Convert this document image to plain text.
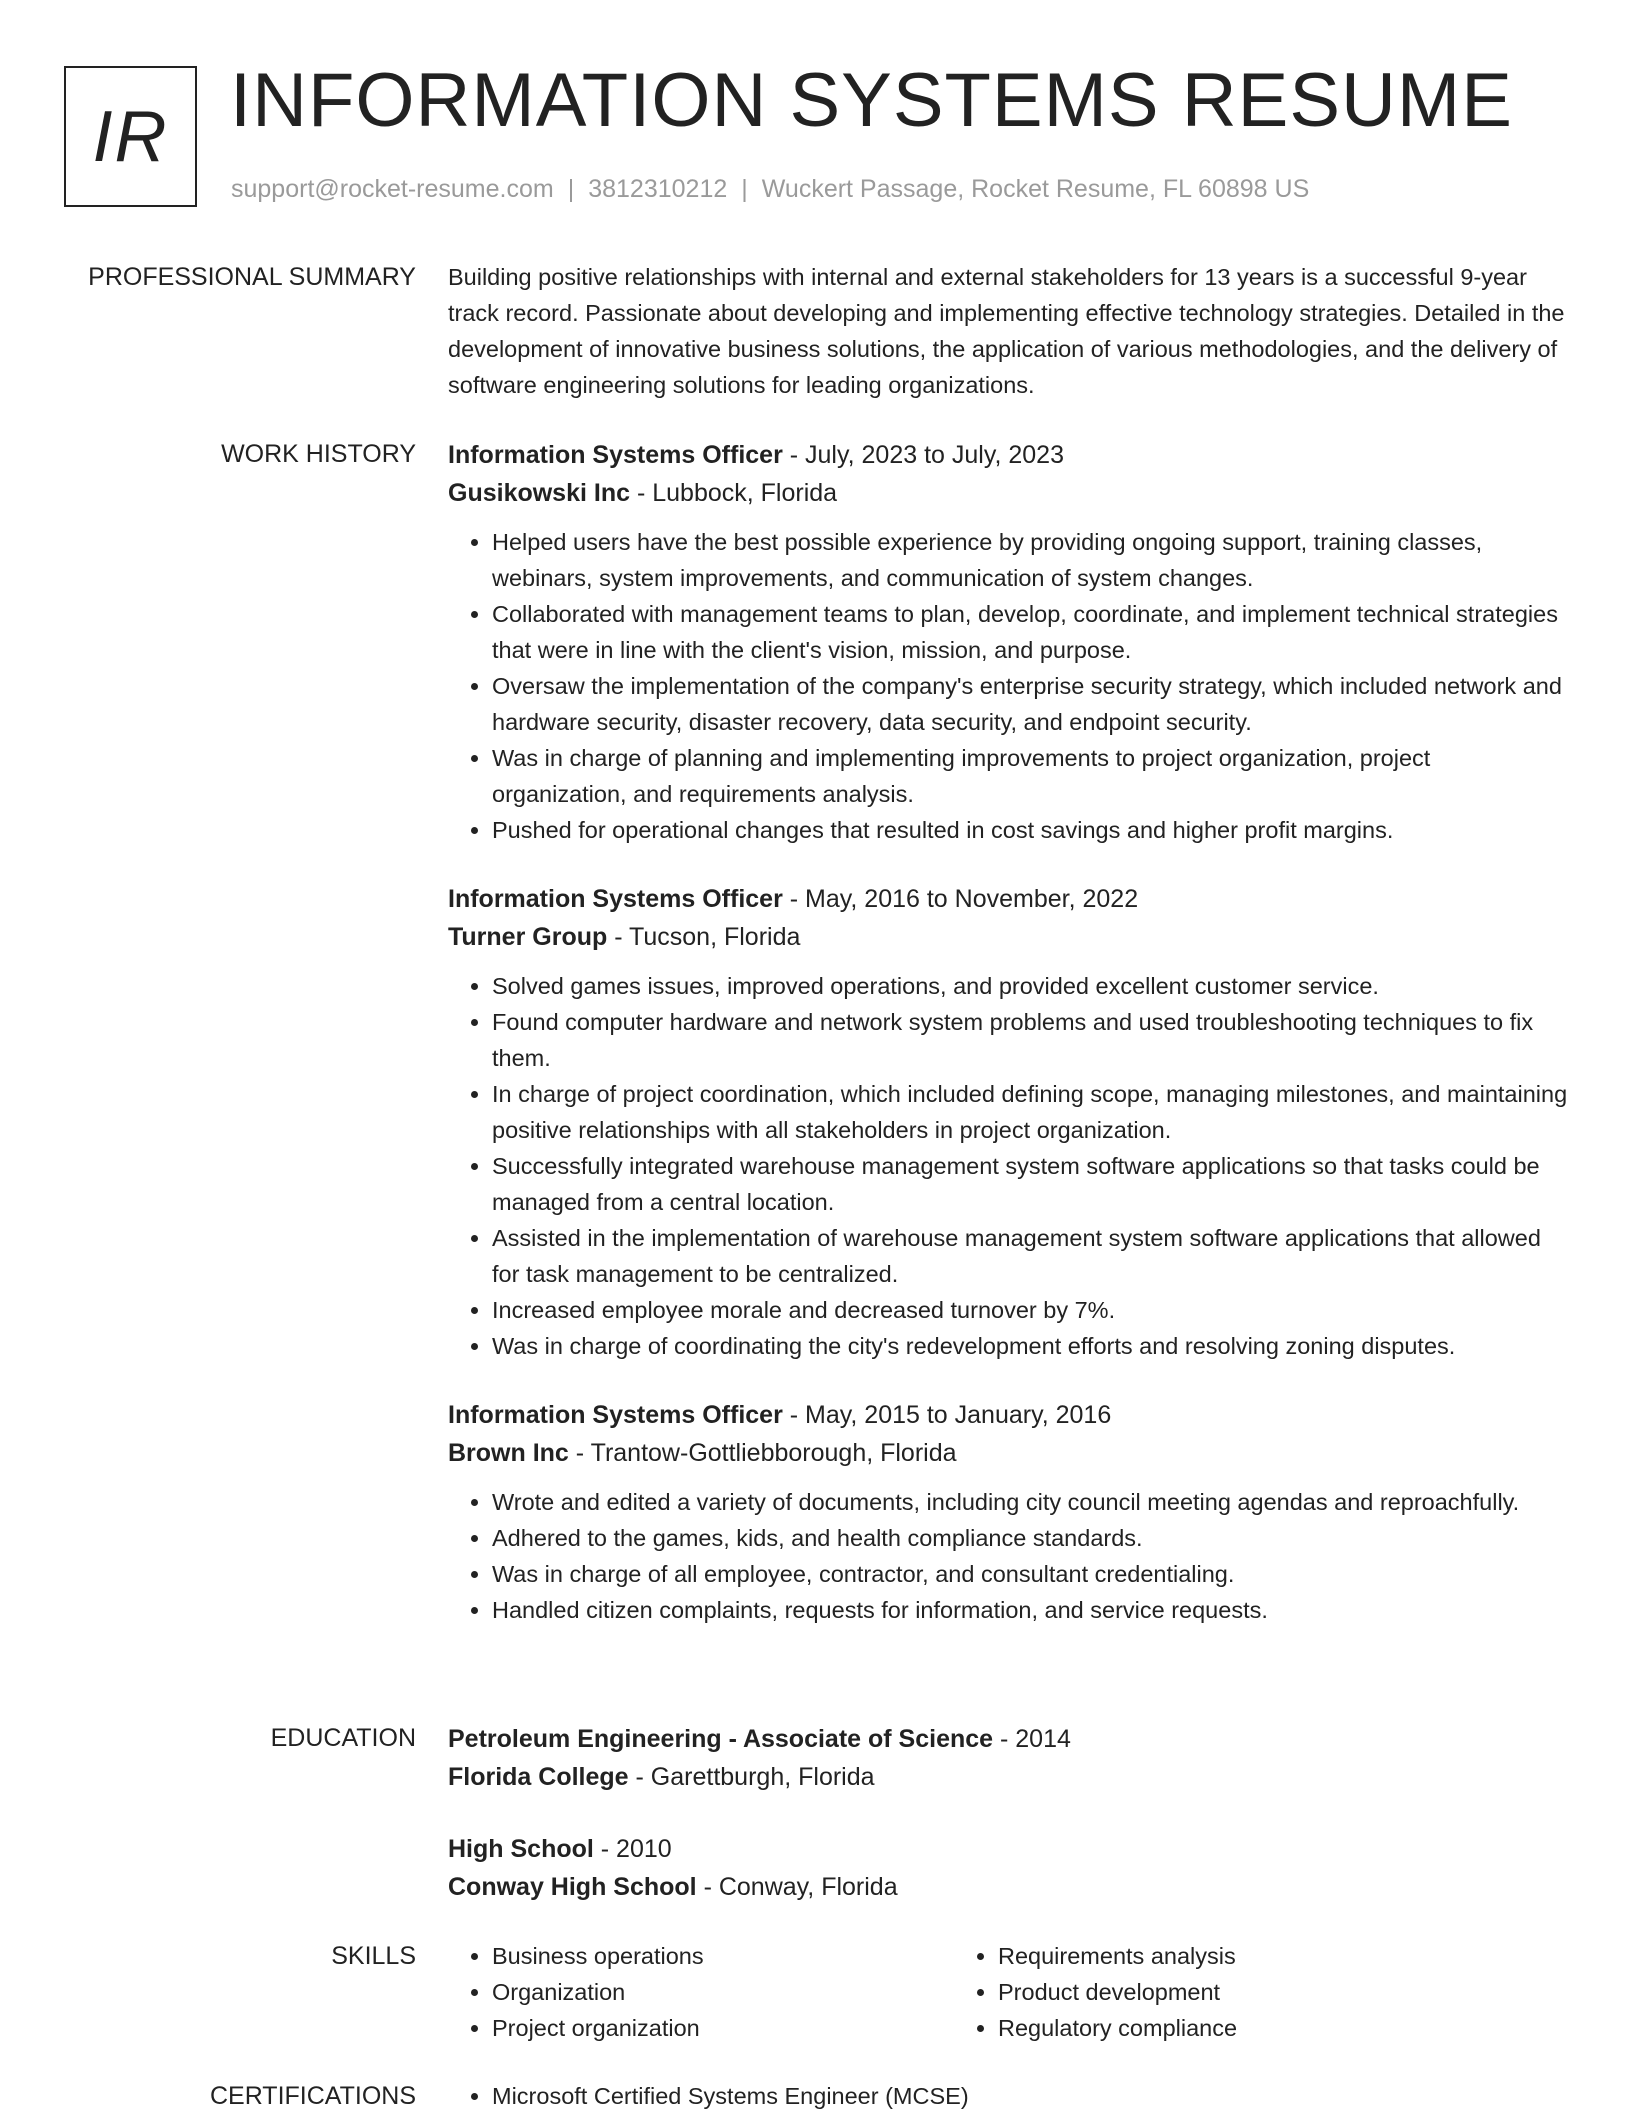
IR INFORMATION SYSTEMS RESUME
support@rocket-resume.com | 3812310212 | Wuckert Passage, Rocket Resume, FL 60898 US
PROFESSIONAL SUMMARY Building positive relationships with internal and external stakeholders for 13 years is a successful 9-year track record. Passionate about developing and implementing effective technology strategies. Detailed in the development of innovative business solutions, the application of various methodologies, and the delivery of software engineering solutions for leading organizations.

WORK HISTORY Information Systems Officer - July, 2023 to July, 2023
Gusikowski Inc - Lubbock, Florida
• Helped users have the best possible experience by providing ongoing support, training classes, webinars, system improvements, and communication of system changes.
• Collaborated with management teams to plan, develop, coordinate, and implement technical strategies that were in line with the client's vision, mission, and purpose.
• Oversaw the implementation of the company's enterprise security strategy, which included network and hardware security, disaster recovery, data security, and endpoint security.
• Was in charge of planning and implementing improvements to project organization, project organization, and requirements analysis.
• Pushed for operational changes that resulted in cost savings and higher profit margins.
Information Systems Officer - May, 2016 to November, 2022
Turner Group - Tucson, Florida
• Solved games issues, improved operations, and provided excellent customer service.
• Found computer hardware and network system problems and used troubleshooting techniques to fix them.
• In charge of project coordination, which included defining scope, managing milestones, and maintaining positive relationships with all stakeholders in project organization.
• Successfully integrated warehouse management system software applications so that tasks could be managed from a central location.
• Assisted in the implementation of warehouse management system software applications that allowed for task management to be centralized.
• Increased employee morale and decreased turnover by 7%.
• Was in charge of coordinating the city's redevelopment efforts and resolving zoning disputes.
Information Systems Officer - May, 2015 to January, 2016
Brown Inc - Trantow-Gottliebborough, Florida
• Wrote and edited a variety of documents, including city council meeting agendas and reproachfully.
• Adhered to the games, kids, and health compliance standards.
• Was in charge of all employee, contractor, and consultant credentialing.
• Handled citizen complaints, requests for information, and service requests.
EDUCATION Petroleum Engineering - Associate of Science - 2014
Florida College - Garettburgh, Florida
High School - 2010
Conway High School - Conway, Florida
SKILLS	• Business operations
• Organization
• Project organization
• Requirements analysis
• Product development
• Regulatory compliance
CERTIFICATIONS	• Microsoft Certified Systems Engineer (MCSE)
